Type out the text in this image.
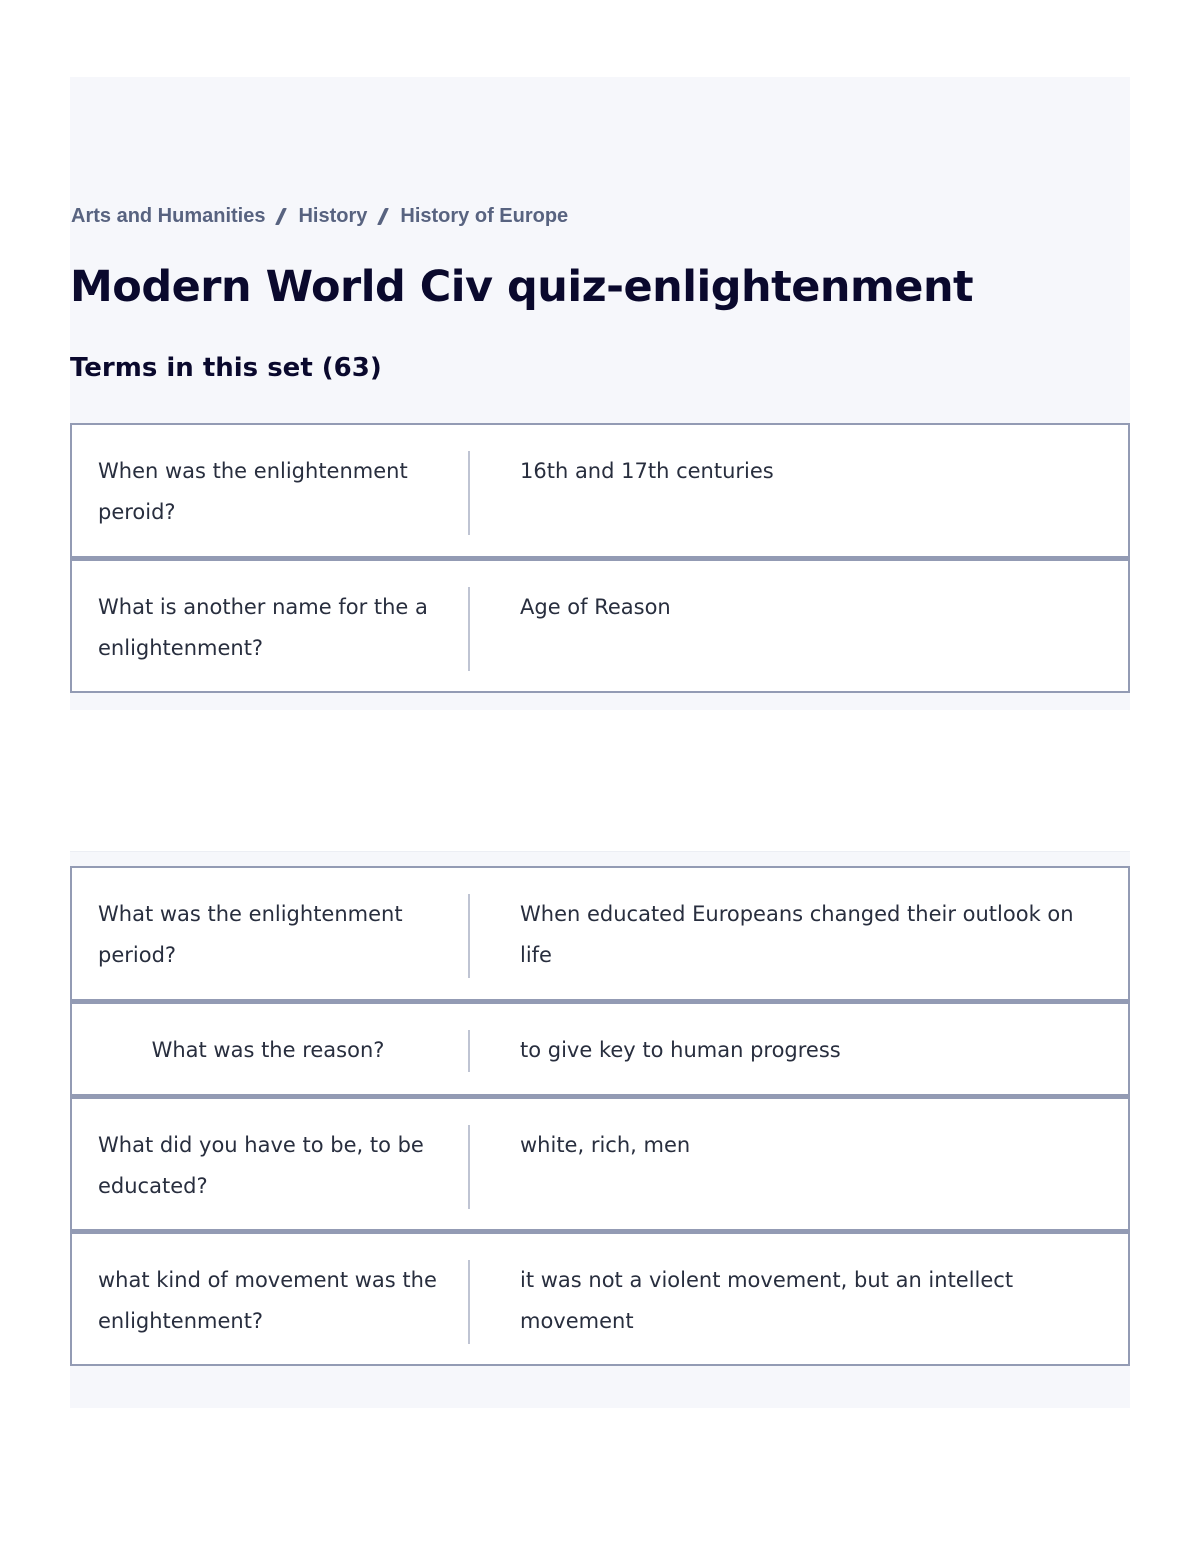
Arts and Humanities History History of Europe
Modern World Civ quiz-enlightenment
Terms in this set (63)
When was the enlightenment peroid?
16th and 17th centuries
What is another name for the a enlightenment?
Age of Reason
What was the enlightenment period?
When educated Europeans changed their outlook on life
What was the reason?	to give key to human progress
What did you have to be, to be educated?
white, rich, men
what kind of movement was the enlightenment?
it was not a violent movement, but an intellect movement
